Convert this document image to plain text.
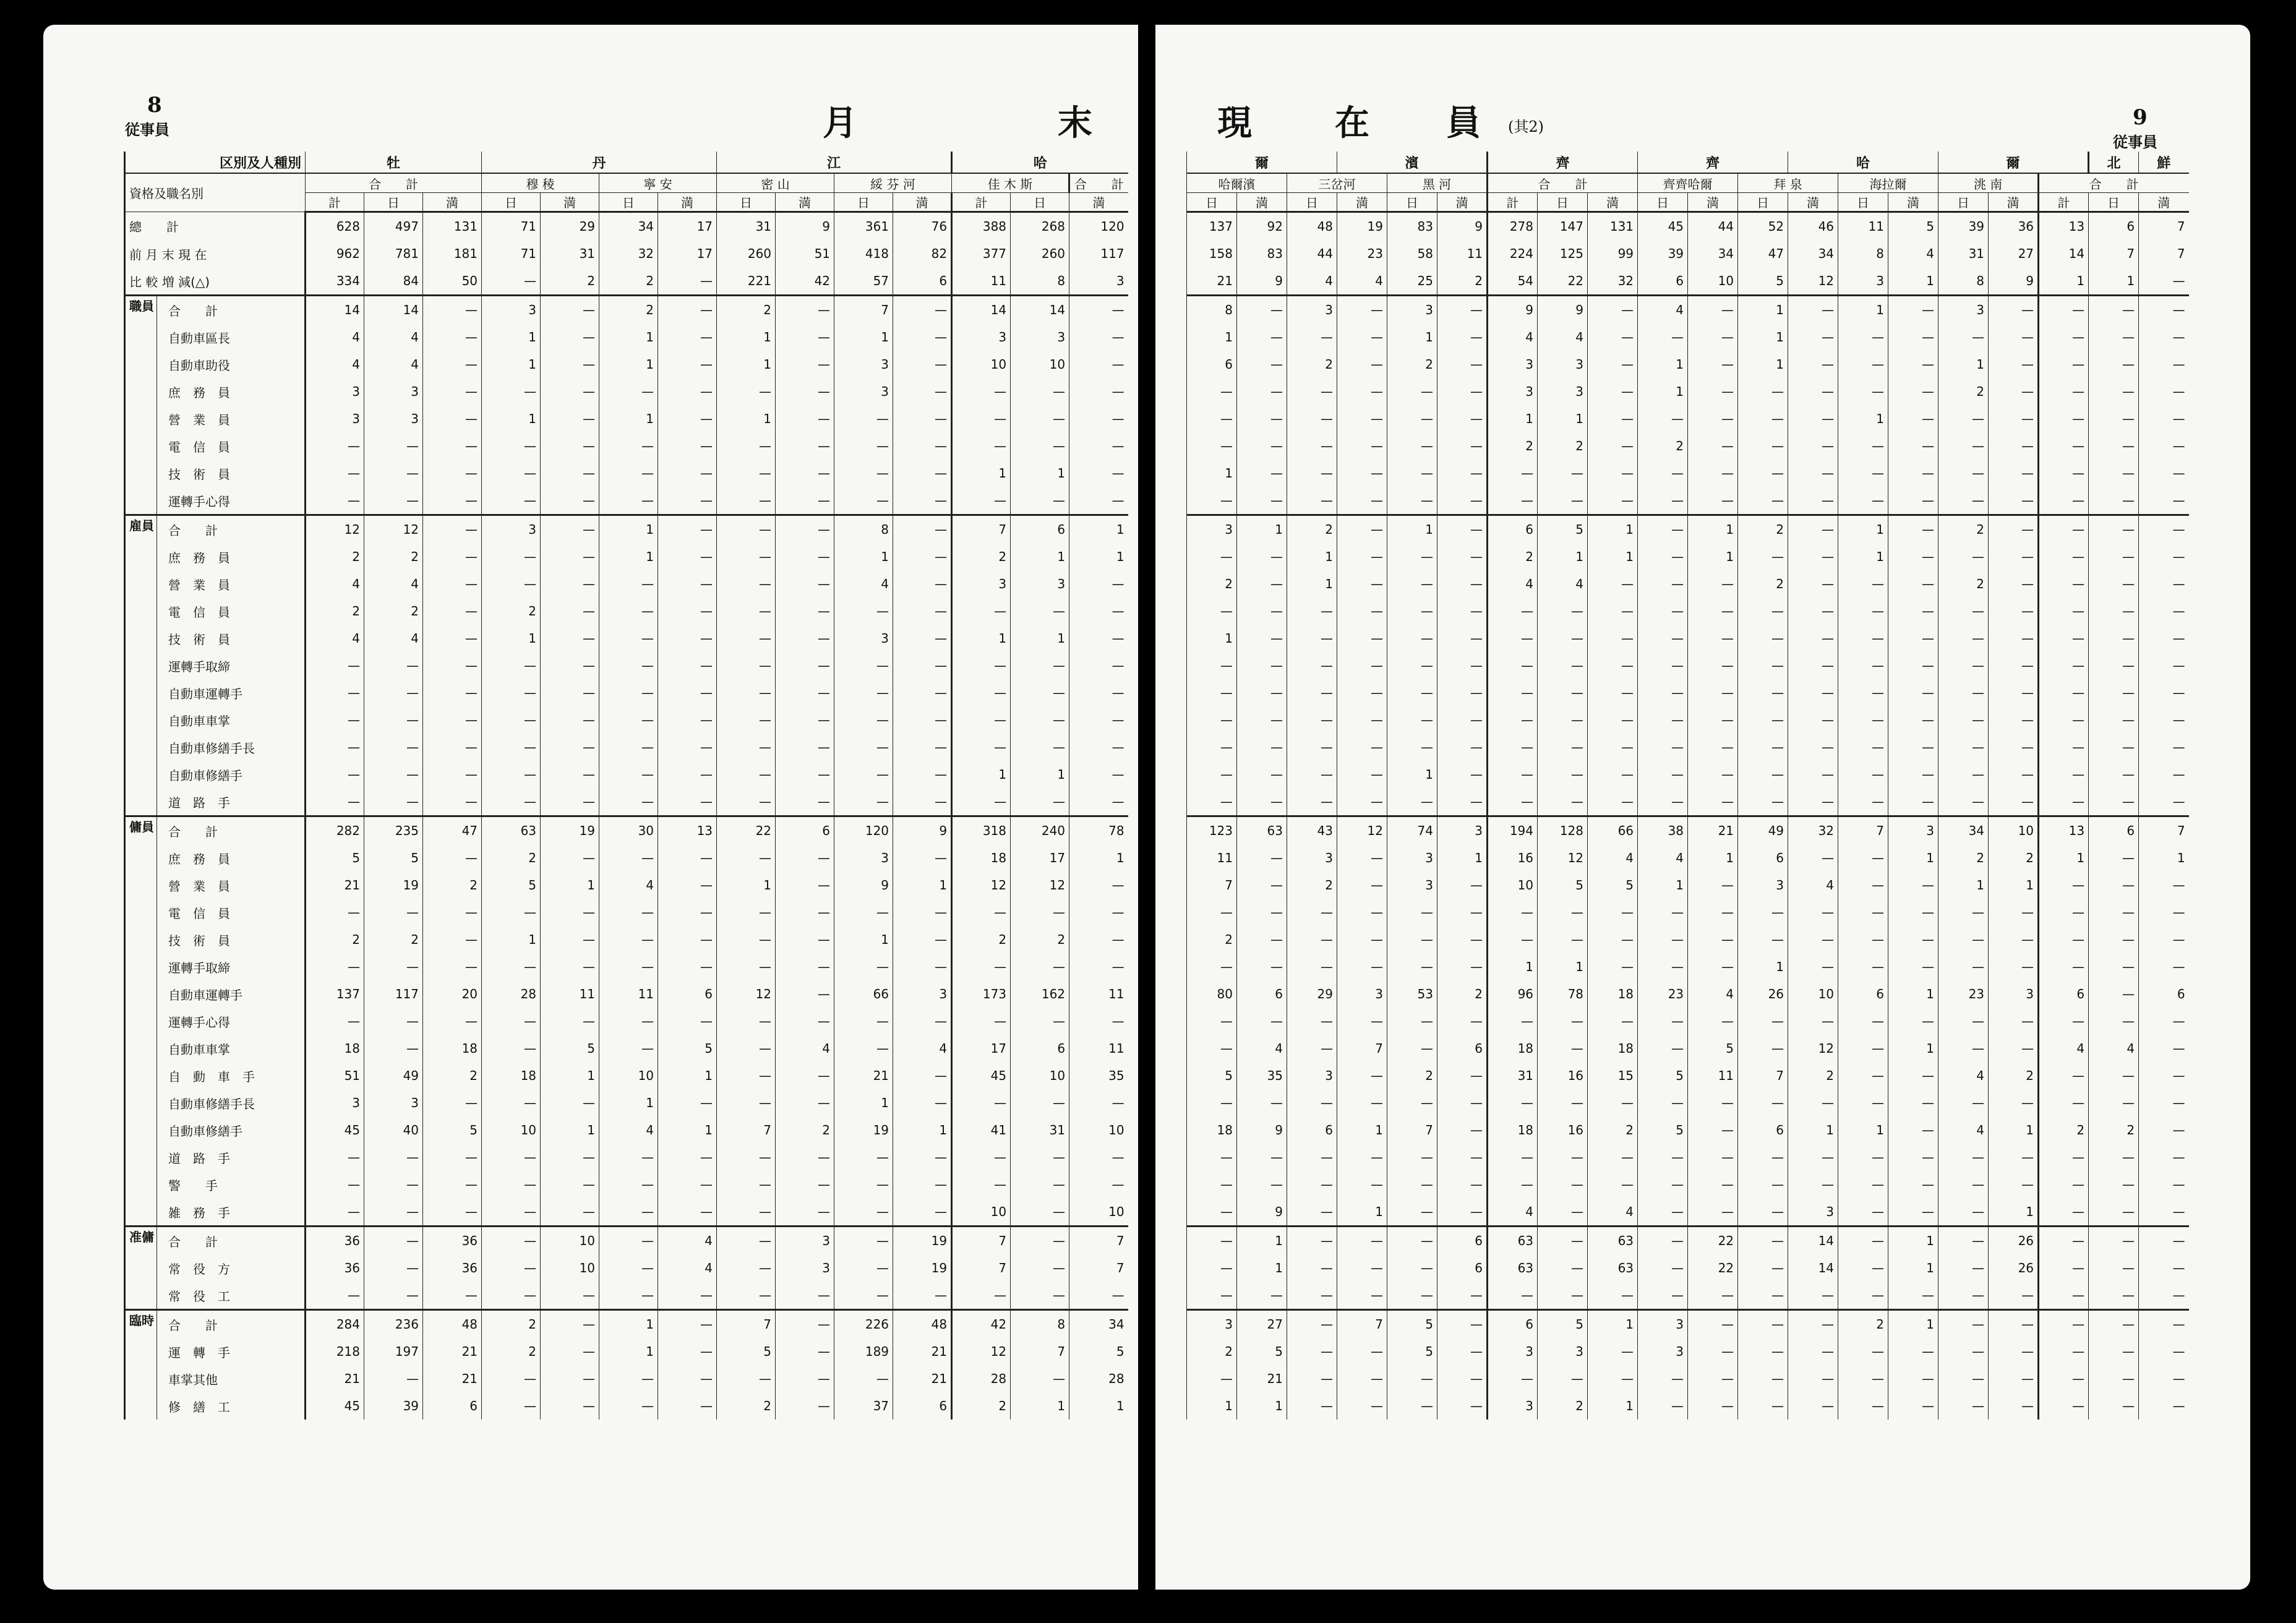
8
従事員	月	末
区別及人種別		牡			丹				江				哈		
資格及職名別		合　　計			穆 稜		寧 安		密 山		綏 芬 河		佳 木 斯		合　　計
		計	日	満	日	満	日	満	日	満	日	満	計	日	満
總　　計		628	497	131	71	29	34	17	31	9	361	76	388	268	120
前 月 末 現 在		962	781	181	71	31	32	17	260	51	418	82	377	260	117
比 較 増 減(△)		334	84	50	—	2	2	—	221	42	57	6	11	8	3
職員	合　　計	14	14	—	3	—	2	—	2	—	7	—	14	14	—
	自動車區長	4	4	—	1	—	1	—	1	—	1	—	3	3	—
	自動車助役	4	4	—	1	—	1	—	1	—	3	—	10	10	—
	庶　務　員	3	3	—	—	—	—	—	—	—	3	—	—	—	—
	營　業　員	3	3	—	1	—	1	—	1	—	—	—	—	—	—
	電　信　員	—	—	—	—	—	—	—	—	—	—	—	—	—	—
	技　術　員	—	—	—	—	—	—	—	—	—	—	—	1	1	—
	運轉手心得	—	—	—	—	—	—	—	—	—	—	—	—	—	—
雇員	合　　計	12	12	—	3	—	1	—	—	—	8	—	7	6	1
	庶　務　員	2	2	—	—	—	1	—	—	—	1	—	2	1	1
	營　業　員	4	4	—	—	—	—	—	—	—	4	—	3	3	—
	電　信　員	2	2	—	2	—	—	—	—	—	—	—	—	—	—
	技　術　員	4	4	—	1	—	—	—	—	—	3	—	1	1	—
	運轉手取締	—	—	—	—	—	—	—	—	—	—	—	—	—	—
	自動車運轉手	—	—	—	—	—	—	—	—	—	—	—	—	—	—
	自動車車掌	—	—	—	—	—	—	—	—	—	—	—	—	—	—
	自動車修繕手長	—	—	—	—	—	—	—	—	—	—	—	—	—	—
	自動車修繕手	—	—	—	—	—	—	—	—	—	—	—	1	1	—
	道　路　手	—	—	—	—	—	—	—	—	—	—	—	—	—	—
傭員	合　　計	282	235	47	63	19	30	13	22	6	120	9	318	240	78
	庶　務　員	5	5	—	2	—	—	—	—	—	3	—	18	17	1
	營　業　員	21	19	2	5	1	4	—	1	—	9	1	12	12	—
	電　信　員	—	—	—	—	—	—	—	—	—	—	—	—	—	—
	技　術　員	2	2	—	1	—	—	—	—	—	1	—	2	2	—
	運轉手取締	—	—	—	—	—	—	—	—	—	—	—	—	—	—
	自動車運轉手	137	117	20	28	11	11	6	12	—	66	3	173	162	11
	運轉手心得	—	—	—	—	—	—	—	—	—	—	—	—	—	—
	自動車車掌	18	—	18	—	5	—	5	—	4	—	4	17	6	11
	自　動　車　手	51	49	2	18	1	10	1	—	—	21	—	45	10	35
	自動車修繕手長	3	3	—	—	—	1	—	—	—	1	—	—	—	—
	自動車修繕手	45	40	5	10	1	4	1	7	2	19	1	41	31	10
	道　路　手	—	—	—	—	—	—	—	—	—	—	—	—	—	—
	警　　手	—	—	—	—	—	—	—	—	—	—	—	—	—	—
	雑　務　手	—	—	—	—	—	—	—	—	—	—	—	10	—	10
准傭	合　　計	36	—	36	—	10	—	4	—	3	—	19	7	—	7
	常　役　方	36	—	36	—	10	—	4	—	3	—	19	7	—	7
	常　役　工	—	—	—	—	—	—	—	—	—	—	—	—	—	—
臨時	合　　計	284	236	48	2	—	1	—	7	—	226	48	42	8	34
	運　轉　手	218	197	21	2	—	1	—	5	—	189	21	12	7	5
	車掌其他	21	—	21	—	—	—	—	—	—	—	21	28	—	28
	修　繕　工	45	39	6	—	—	—	—	2	—	37	6	2	1	1
現 在 員 (其2)	9
従事員
爾			濱			齊			齊			哈			爾			北	鮮
哈爾濱		三岔河		黑 河		合　　計			齊齊哈爾		拜 泉		海拉爾		洮 南		合　　計		
日	満	日	満	日	満	計	日	満	日	満	日	満	日	満	日	満	計	日	満
137	92	48	19	83	9	278	147	131	45	44	52	46	11	5	39	36	13	6	7
158	83	44	23	58	11	224	125	99	39	34	47	34	8	4	31	27	14	7	7
21	9	4	4	25	2	54	22	32	6	10	5	12	3	1	8	9	1	1	—
8	—	3	—	3	—	9	9	—	4	—	1	—	1	—	3	—	—	—	—
1	—	—	—	1	—	4	4	—	—	—	1	—	—	—	—	—	—	—	—
6	—	2	—	2	—	3	3	—	1	—	1	—	—	—	1	—	—	—	—
—	—	—	—	—	—	3	3	—	1	—	—	—	—	—	2	—	—	—	—
—	—	—	—	—	—	1	1	—	—	—	—	—	1	—	—	—	—	—	—
—	—	—	—	—	—	2	2	—	2	—	—	—	—	—	—	—	—	—	—
1	—	—	—	—	—	—	—	—	—	—	—	—	—	—	—	—	—	—	—
—	—	—	—	—	—	—	—	—	—	—	—	—	—	—	—	—	—	—	—
3	1	2	—	1	—	6	5	1	—	1	2	—	1	—	2	—	—	—	—
—	—	1	—	—	—	2	1	1	—	1	—	—	1	—	—	—	—	—	—
2	—	1	—	—	—	4	4	—	—	—	2	—	—	—	2	—	—	—	—
—	—	—	—	—	—	—	—	—	—	—	—	—	—	—	—	—	—	—	—
1	—	—	—	—	—	—	—	—	—	—	—	—	—	—	—	—	—	—	—
—	—	—	—	—	—	—	—	—	—	—	—	—	—	—	—	—	—	—	—
—	—	—	—	—	—	—	—	—	—	—	—	—	—	—	—	—	—	—	—
—	—	—	—	—	—	—	—	—	—	—	—	—	—	—	—	—	—	—	—
—	—	—	—	—	—	—	—	—	—	—	—	—	—	—	—	—	—	—	—
—	—	—	—	1	—	—	—	—	—	—	—	—	—	—	—	—	—	—	—
—	—	—	—	—	—	—	—	—	—	—	—	—	—	—	—	—	—	—	—
123	63	43	12	74	3	194	128	66	38	21	49	32	7	3	34	10	13	6	7
11	—	3	—	3	1	16	12	4	4	1	6	—	—	1	2	2	1	—	1
7	—	2	—	3	—	10	5	5	1	—	3	4	—	—	1	1	—	—	—
—	—	—	—	—	—	—	—	—	—	—	—	—	—	—	—	—	—	—	—
2	—	—	—	—	—	—	—	—	—	—	—	—	—	—	—	—	—	—	—
—	—	—	—	—	—	1	1	—	—	—	1	—	—	—	—	—	—	—	—
80	6	29	3	53	2	96	78	18	23	4	26	10	6	1	23	3	6	—	6
—	—	—	—	—	—	—	—	—	—	—	—	—	—	—	—	—	—	—	—
—	4	—	7	—	6	18	—	18	—	5	—	12	—	1	—	—	4	4	—
5	35	3	—	2	—	31	16	15	5	11	7	2	—	—	4	2	—	—	—
—	—	—	—	—	—	—	—	—	—	—	—	—	—	—	—	—	—	—	—
18	9	6	1	7	—	18	16	2	5	—	6	1	1	—	4	1	2	2	—
—	—	—	—	—	—	—	—	—	—	—	—	—	—	—	—	—	—	—	—
—	—	—	—	—	—	—	—	—	—	—	—	—	—	—	—	—	—	—	—
—	9	—	1	—	—	4	—	4	—	—	—	3	—	—	—	1	—	—	—
—	1	—	—	—	6	63	—	63	—	22	—	14	—	1	—	26	—	—	—
—	1	—	—	—	6	63	—	63	—	22	—	14	—	1	—	26	—	—	—
—	—	—	—	—	—	—	—	—	—	—	—	—	—	—	—	—	—	—	—
3	27	—	7	5	—	6	5	1	3	—	—	—	2	1	—	—	—	—	—
2	5	—	—	5	—	3	3	—	3	—	—	—	—	—	—	—	—	—	—
—	21	—	—	—	—	—	—	—	—	—	—	—	—	—	—	—	—	—	—
1	1	—	—	—	—	3	2	1	—	—	—	—	—	—	—	—	—	—	—
